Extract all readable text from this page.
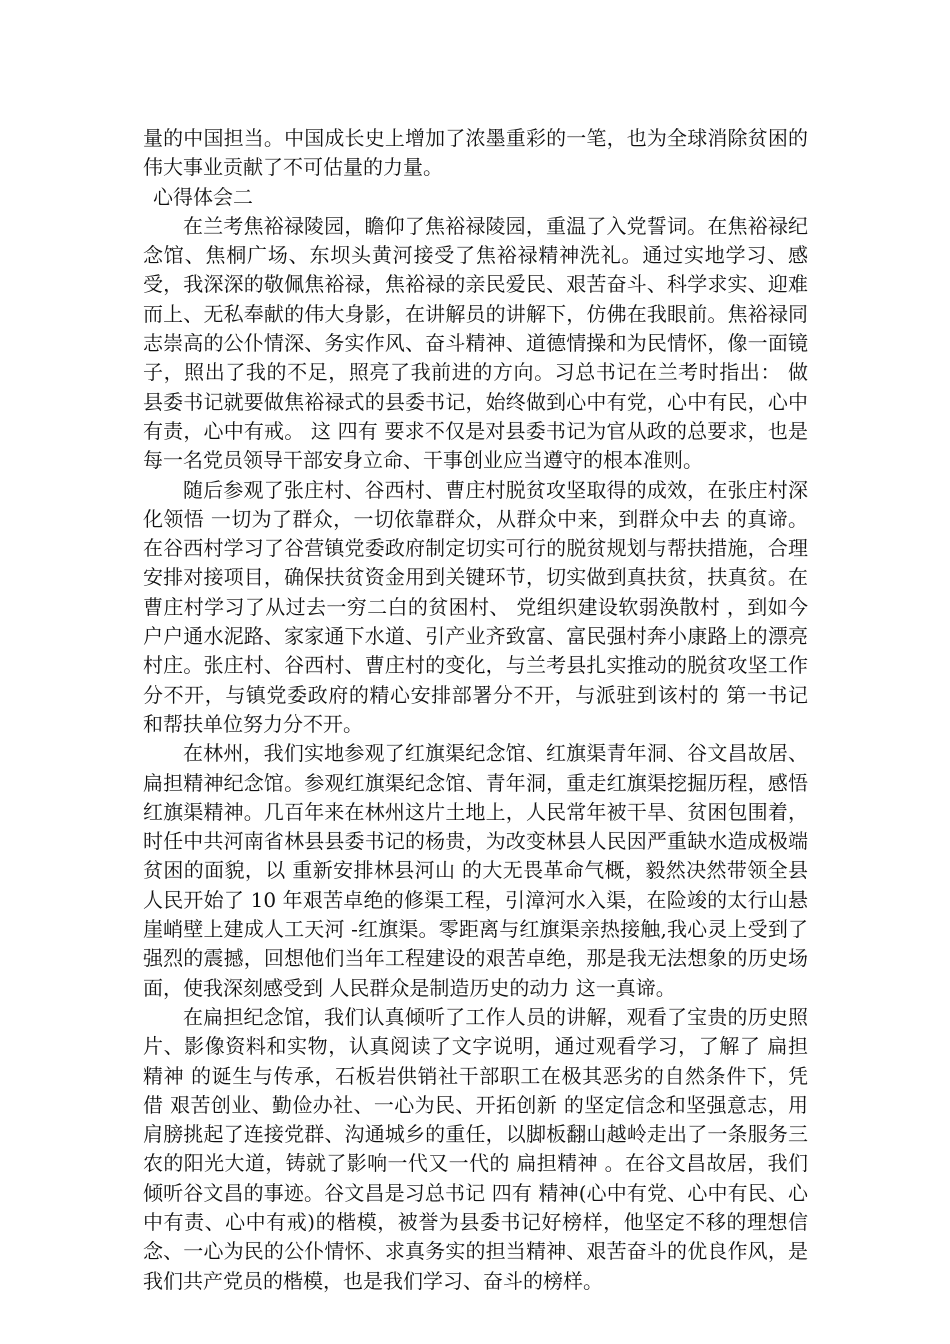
量的中国担当。中国成长史上增加了浓墨重彩的一笔，也为全球消除贫困的伟大事业贡献了不可估量的力量。

心得体会二

在兰考焦裕禄陵园，瞻仰了焦裕禄陵园，重温了入党誓词。在焦裕禄纪念馆、焦桐广场、东坝头黄河接受了焦裕禄精神洗礼。通过实地学习、感受，我深深的敬佩焦裕禄，焦裕禄的亲民爱民、艰苦奋斗、科学求实、迎难而上、无私奉献的伟大身影，在讲解员的讲解下，仿佛在我眼前。焦裕禄同志崇高的公仆情深、务实作风、奋斗精神、道德情操和为民情怀，像一面镜子，照出了我的不足，照亮了我前进的方向。习总书记在兰考时指出： 做县委书记就要做焦裕禄式的县委书记，始终做到心中有党，心中有民，心中有责，心中有戒。 这 四有 要求不仅是对县委书记为官从政的总要求，也是每一名党员领导干部安身立命、干事创业应当遵守的根本准则。

随后参观了张庄村、谷西村、曹庄村脱贫攻坚取得的成效，在张庄村深化领悟 一切为了群众，一切依靠群众，从群众中来，到群众中去 的真谛。在谷西村学习了谷营镇党委政府制定切实可行的脱贫规划与帮扶措施，合理安排对接项目，确保扶贫资金用到关键环节，切实做到真扶贫，扶真贫。在曹庄村学习了从过去一穷二白的贫困村、 党组织建设软弱涣散村 ，到如今户户通水泥路、家家通下水道、引产业齐致富、富民强村奔小康路上的漂亮村庄。张庄村、谷西村、曹庄村的变化，与兰考县扎实推动的脱贫攻坚工作分不开，与镇党委政府的精心安排部署分不开，与派驻到该村的 第一书记和帮扶单位努力分不开。

在林州，我们实地参观了红旗渠纪念馆、红旗渠青年洞、谷文昌故居、扁担精神纪念馆。参观红旗渠纪念馆、青年洞，重走红旗渠挖掘历程，感悟红旗渠精神。几百年来在林州这片土地上，人民常年被干旱、贫困包围着，时任中共河南省林县县委书记的杨贵，为改变林县人民因严重缺水造成极端贫困的面貌，以 重新安排林县河山 的大无畏革命气概，毅然决然带领全县人民开始了 10 年艰苦卓绝的修渠工程，引漳河水入渠，在险竣的太行山悬崖峭壁上建成人工天河 -红旗渠。零距离与红旗渠亲热接触,我心灵上受到了强烈的震撼，回想他们当年工程建设的艰苦卓绝，那是我无法想象的历史场面，使我深刻感受到 人民群众是制造历史的动力 这一真谛。

在扁担纪念馆，我们认真倾听了工作人员的讲解，观看了宝贵的历史照片、影像资料和实物，认真阅读了文字说明，通过观看学习，了解了 扁担精神 的诞生与传承，石板岩供销社干部职工在极其恶劣的自然条件下，凭借 艰苦创业、勤俭办社、一心为民、开拓创新 的坚定信念和坚强意志，用肩膀挑起了连接党群、沟通城乡的重任，以脚板翻山越岭走出了一条服务三农的阳光大道，铸就了影响一代又一代的 扁担精神 。在谷文昌故居，我们倾听谷文昌的事迹。谷文昌是习总书记 四有 精神(心中有党、心中有民、心中有责、心中有戒)的楷模，被誉为县委书记好榜样，他坚定不移的理想信念、一心为民的公仆情怀、求真务实的担当精神、艰苦奋斗的优良作风，是我们共产党员的楷模，也是我们学习、奋斗的榜样。
